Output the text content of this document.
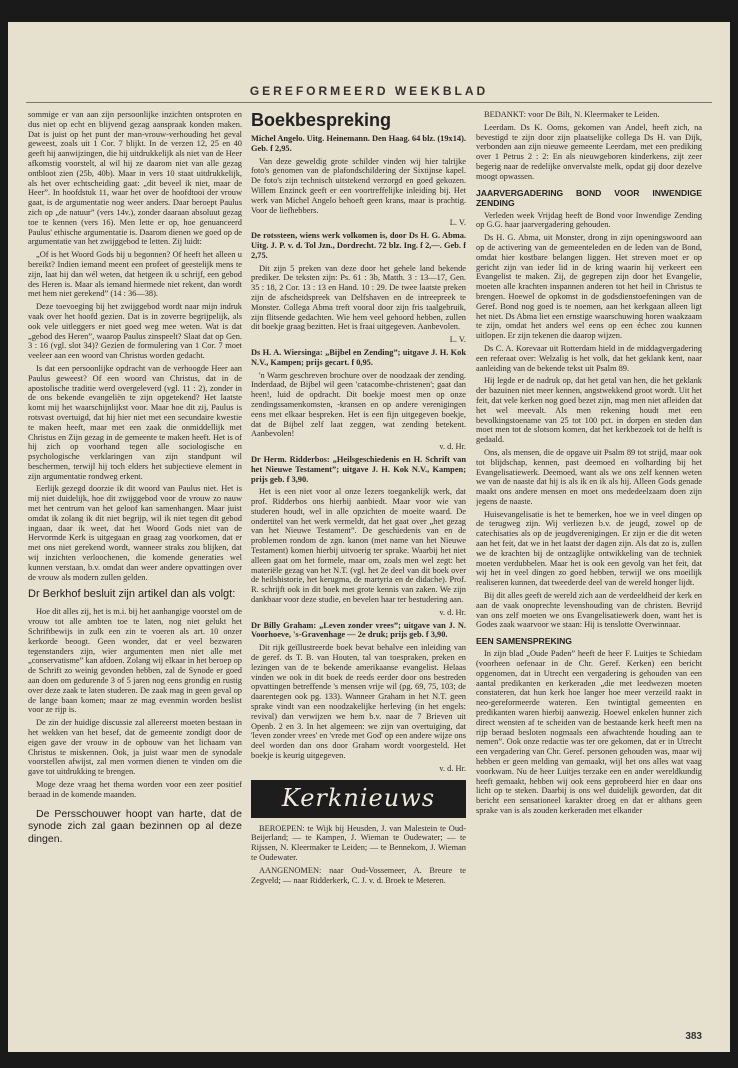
GEREFORMEERD WEEKBLAD

sommige er van aan zijn persoonlijke inzichten ontsproten en dus niet op echt en blijvend gezag aanspraak konden maken. Dat is juist op het punt der man-vrouw-verhouding het geval geweest, zoals uit 1 Cor. 7 blijkt. In de verzen 12, 25 en 40 geeft hij aanwijzingen, die hij uitdrukkelijk als niet van de Heer afkomstig voorstelt, al wil hij ze daarom niet van alle gezag ontbloot zien (25b, 40b). Maar in vers 10 staat uitdrukkelijk, als het over echtscheiding gaat: „dit beveel ik niet, maar de Heer”. In hoofdstuk 11, waar het over de hoofdtooi der vrouw gaat, is de argumentatie nog weer anders. Daar beroept Paulus zich op „de natuur” (vers 14v.), zonder daaraan absoluut gezag toe te kennen (vers 16). Men lette er op, hoe genuanceerd Paulus' ethische argumentatie is. Daarom dienen we goed op de argumentatie van het zwijggebod te letten. Zij luidt:

„Of is het Woord Gods bij u begonnen? Of heeft het alleen u bereikt? Indien iemand meent een profeet of geestelijk mens te zijn, laat hij dan wél weten, dat hetgeen ik u schrijf, een gebod des Heren is. Maar als iemand hiermede niet rekent, dan wordt met hem niet gerekend” (14 : 36—38).

Deze toevoeging bij het zwijggebod wordt naar mijn indruk vaak over het hoofd gezien. Dat is in zoverre begrijpelijk, als ook vele uitleggers er niet goed weg mee weten. Wat is dat „gebod des Heren”, waarop Paulus zinspeelt? Slaat dat op Gen. 3 : 16 (vgl. slot 34)? Gezien de formulering van 1 Cor. 7 moet veeleer aan een woord van Christus worden gedacht.

Is dat een persoonlijke opdracht van de verhoogde Heer aan Paulus geweest? Of een woord van Christus, dat in de apostolische traditie werd overgeleverd (vgl. 11 : 2), zonder in de ons bekende evangeliën te zijn opgetekend? Het laatste komt mij het waarschijnlijkst voor. Maar hoe dit zij, Paulus is rotsvast overtuigd, dat hij hier niet met een secundaire kwestie te maken heeft, maar met een zaak die onmiddellijk met Christus en Zijn gezag in de gemeente te maken heeft. Het is of hij zich op voorhand tegen alle sociologische en psychologische verklaringen van zijn standpunt wil beschermen, terwijl hij toch elders het subjectieve element in zijn argumentatie rondweg erkent.

Eerlijk gezegd doorzie ik dit woord van Paulus niet. Het is mij niet duidelijk, hoe dit zwijggebod voor de vrouw zo nauw met het centrum van het geloof kan samenhangen. Maar juist omdat ik zolang ik dit niet begrijp, wil ik niet tegen dit gebod ingaan, daar ik weet, dat het Woord Gods niet van de Hervormde Kerk is uitgegaan en graag zag voorkomen, dat er met ons niet gerekend wordt, wanneer straks zou blijken, dat wij inzichten verloochenen, die komende generaties wel kunnen verstaan, b.v. omdat dan weer andere opvattingen over de vrouw als modern zullen gelden.

Dr Berkhof besluit zijn artikel dan als volgt:

Hoe dit alles zij, het is m.i. bij het aanhangige voorstel om de vrouw tot alle ambten toe te laten, nog niet gelukt het Schriftbewijs in zulk een zin te voeren als art. 10 onzer kerkorde beoogt. Geen wonder, dat er veel bezwaren tegenstanders zijn, wier argumenten men niet alle met „conservatisme” kan afdoen. Zolang wij elkaar in het beroep op de Schrift zo weinig gevonden hebben, zal de Synode er goed aan doen om gedurende 3 of 5 jaren nog eens grondig en rustig over deze zaak te laten studeren. De zaak mag in geen geval op de lange baan komen; maar ze mag evenmin worden beslist voor ze rijp is.

De zin der huidige discussie zal allereerst moeten bestaan in het wekken van het besef, dat de gemeente zondigt door de eigen gave der vrouw in de opbouw van het lichaam van Christus te miskennen. Ook, ja juist waar men de synodale voorstellen afwijst, zal men vormen dienen te vinden om die gave tot uitdrukking te brengen.

Moge deze vraag het thema worden voor een zeer positief beraad in de komende maanden.

De Persschouwer hoopt van harte, dat de synode zich zal gaan bezinnen op al deze dingen.
Boekbespreking

Michel Angelo. Uitg. Heinemann. Den Haag. 64 blz. (19x14). Geb. f 2,95.

Van deze geweldig grote schilder vinden wij hier talrijke foto's genomen van de plafondschildering der Sixtijnse kapel. De foto's zijn technisch uitstekend verzorgd en goed gekozen. Willem Enzinck geeft er een voortreffelijke inleiding bij. Het werk van Michel Angelo behoeft geen krans, maar is prachtig. Voor de liefhebbers.

L. V.

De rotssteen, wiens werk volkomen is, door Ds H. G. Abma. Uitg. J. P. v. d. Tol Jzn., Dordrecht. 72 blz. Ing. f 2,—. Geb. f 2,75.

Dit zijn 5 preken van deze door het gehele land bekende prediker. De teksten zijn: Ps. 61 : 3b, Matth. 3 : 13—17, Gen. 35 : 18, 2 Cor. 13 : 13 en Hand. 10 : 29. De twee laatste preken zijn de afscheidspreek van Delfshaven en de intreepreek te Monster. Collega Abma treft vooral door zijn fris taalgebruik, zijn flitsende gedachten. Wie hem veel gehoord hebben, zullen dit boekje graag bezitten. Het is fraai uitgegeven. Aanbevolen.

L. V.

Ds H. A. Wiersinga: „Bijbel en Zending”; uitgave J. H. Kok N.V., Kampen; prijs gecart. f 0,95.

'n Warm geschreven brochure over de noodzaak der zending. Inderdaad, de Bijbel wil geen 'catacombe-christenen'; gaat dan heen!, luid de opdracht. Dit boekje moest men op onze zendingssamenkomsten, -kransen en op andere verenigingen eens met elkaar bespreken. Het is een fijn uitgegeven boekje, dat de Bijbel zelf laat zeggen, wat zending betekent. Aanbevolen!

v. d. Hr.

Dr Herm. Ridderbos: „Heilsgeschiedenis en H. Schrift van het Nieuwe Testament”; uitgave J. H. Kok N.V., Kampen; prijs geb. f 3,90.

Het is een niet voor al onze lezers toegankelijk werk, dat prof. Ridderbos ons hierbij aanbiedt. Maar voor wie van studeren houdt, wel in alle opzichten de moeite waard. De ondertitel van het werk vermeldt, dat het gaat over „het gezag van het Nieuwe Testament”. De geschiedenis van en de problemen rondom de zgn. kanon (met name van het Nieuwe Testament) komen hierbij uitvoerig ter sprake. Waarbij het niet alleen gaat om het formele, maar om, zoals men wel zegt: het materiële gezag van het N.T. (vgl. het 2e deel van dit boek over de heilshistorie, het kerugma, de martyria en de didache). Prof. R. schrijft ook in dit boek met grote kennis van zaken. We zijn dankbaar voor deze studie, en bevelen haar ter bestudering aan.

v. d. Hr.

Dr Billy Graham: „Leven zonder vrees”; uitgave van J. N. Voorhoeve, 's-Gravenhage — 2e druk; prijs geb. f 3,90.

Dit rijk geïllustreerde boek bevat behalve een inleiding van de geref. ds T. B. van Houten, tal van toespraken, preken en lezingen van de te bekende amerikaanse evangelist. Helaas vinden we ook in dit boek de reeds eerder door ons bestreden opvattingen betreffende 's mensen vrije wil (pg. 69, 75, 103; de daarentegen ook pg. 133). Wanneer Graham in het N.T. geen sprake vindt van een noodzakelijke herleving (in het engels: revival) dan verwijzen we hem b.v. naar de 7 Brieven uit Openb. 2 en 3. In het algemeen: we zijn van overtuiging, dat 'leven zonder vrees' en 'vrede met God' op een andere wijze ons deel worden dan ons door Graham wordt voorgesteld. Het boekje is keurig uitgegeven.

v. d. Hr.

Kerknieuws

BEROEPEN: te Wijk bij Heusden, J. van Malestein te Oud-Beijerland; — te Kampen, J. Wieman te Oudewater; — te Rijssen, N. Kleermaker te Leiden; — te Bennekom, J. Wieman te Oudewater.

AANGENOMEN: naar Oud-Vossemeer, A. Breure te Zegveld; — naar Ridderkerk, C. J. v. d. Broek te Meteren.

BEDANKT: voor De Bilt, N. Kleermaker te Leiden.

Leerdam. Ds K. Ooms, gekomen van Andel, heeft zich, na bevestigd te zijn door zijn plaatselijke collega Ds H. van Dijk, verbonden aan zijn nieuwe gemeente Leerdam, met een prediking over 1 Petrus 2 : 2: En als nieuwgeboren kinderkens, zijt zeer begerig naar de redelijke onvervalste melk, opdat gij door dezelve moogt opwassen.

JAARVERGADERING BOND VOOR INWENDIGE ZENDING

Verleden week Vrijdag heeft de Bond voor Inwendige Zending op G.G. haar jaarvergadering gehouden.

Ds H. G. Abma, uit Monster, drong in zijn openingswoord aan op de activering van de gemeenteleden en de leden van de Bond, omdat hier kostbare belangen liggen. Het streven moet er op gericht zijn van ieder lid in de kring waarin hij verkeert een Evangelist te maken. Zij, de gegrepen zijn door het Evangelie, moeten alle krachten inspannen anderen tot het heil in Christus te brengen. Hoewel de opkomst in de godsdienstoefeningen van de Geref. Bond nog goed is te noemen, aan het kerkgaan alleen ligt het niet. Ds Abma liet een ernstige waarschuwing horen waakzaam te zijn, omdat het anders wel eens op een échec zou kunnen uitlopen. Er zijn tekenen die daarop wijzen.

Ds C. A. Korevaar uit Rotterdam hield in de middagvergadering een referaat over: Welzalig is het volk, dat het geklank kent, naar aanleiding van de bekende tekst uit Psalm 89.

Hij legde er de nadruk op, dat het getal van hen, die het geklank der bazuinen niet meer kennen, angstwekkend groot wordt. Uit het feit, dat vele kerken nog goed bezet zijn, mag men niet afleiden dat het wel meevalt. Als men rekening houdt met een bevolkingstoename van 25 tot 100 pct. in dorpen en steden dan moet men tot de slotsom komen, dat het kerkbezoek tot de helft is gedaald.

Ons, als mensen, die de opgave uit Psalm 89 tot strijd, maar ook tot blijdschap, kennen, past deemoed en volharding bij het Evangelisatiewerk. Deemoed, want als we ons zelf kennen weten we van de naaste dat hij is als ik en ik als hij. Alleen Gods genade maakt ons andere mensen en moet ons mededeelzaam doen zijn jegens de naaste.

Huisevangelisatie is het te bemerken, hoe we in veel dingen op de terugweg zijn. Wij verliezen b.v. de jeugd, zowel op de catechisaties als op de jeugdverenigingen. Er zijn er die dit weten aan het feit, dat we in het laatst der dagen zijn. Als dat zo is, zullen we de krachten bij de ontzaglijke ontwikkeling van de techniek moeten verdubbelen. Maar het is ook een gevolg van het feit, dat wij het in veel dingen zo goed hebben, terwijl we ons moeilijk realiseren kunnen, dat tweederde deel van de wereld honger lijdt.

Bij dit alles geeft de wereld zich aan de verdeeldheid der kerk en aan de vaak onoprechte levenshouding van de christen. Bevrijd van ons zelf moeten we ons Evangelisatiewerk doen, want het is Godes zaak waarvoor we staan: Hij is tenslotte Overwinnaar.

EEN SAMENSPREKING

In zijn blad „Oude Paden” heeft de heer F. Luitjes te Schiedam (voorheen oefenaar in de Chr. Geref. Kerken) een bericht opgenomen, dat in Utrecht een vergadering is gehouden van een aantal predikanten en kerkeraden „die met leedwezen moeten constateren, dat hun kerk hoe langer hoe meer verzeild raakt in neo-gereformeerde wateren. Een twintigtal gemeenten en predikanten waren hierbij aanwezig. Hoewel enkelen hunner zich direct wensten af te scheiden van de bestaande kerk heeft men na rijp beraad besloten nogmaals een afwachtende houding aan te nemen”. Ook onze redactie was ter ore gekomen, dat er in Utrecht een vergadering van Chr. Geref. personen gehouden was, maar wij hebben er geen melding van gemaakt, wijl het ons alles wat vaag voorkwam. Nu de heer Luitjes terzake een en ander wereldkundig heeft gemaakt, hebben wij ook eens geprobeerd hier en daar ons licht op te steken. Daarbij is ons wel duidelijk geworden, dat dit bericht een sensationeel karakter droeg en dat er althans geen sprake van is als zouden kerkeraden met elkander

383
